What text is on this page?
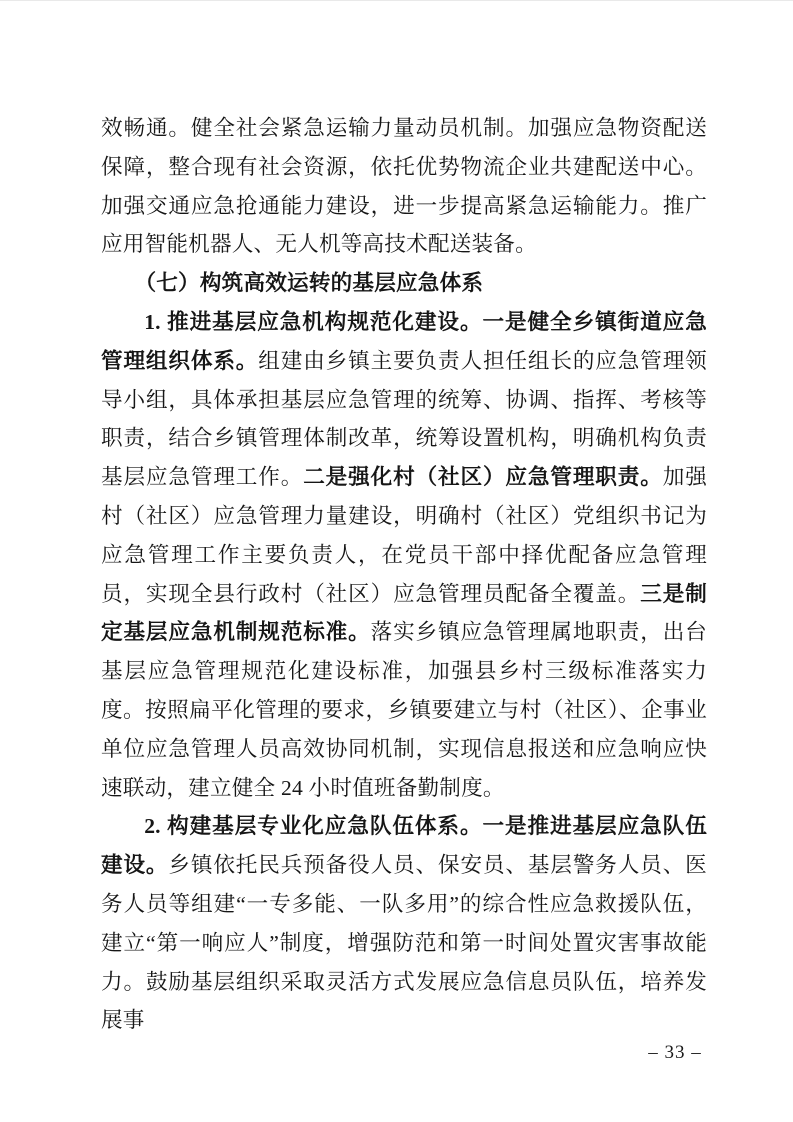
效畅通。健全社会紧急运输力量动员机制。加强应急物资配送保障，整合现有社会资源，依托优势物流企业共建配送中心。加强交通应急抢通能力建设，进一步提高紧急运输能力。推广应用智能机器人、无人机等高技术配送装备。

（七）构筑高效运转的基层应急体系

1. 推进基层应急机构规范化建设。一是健全乡镇街道应急管理组织体系。组建由乡镇主要负责人担任组长的应急管理领导小组，具体承担基层应急管理的统筹、协调、指挥、考核等职责，结合乡镇管理体制改革，统筹设置机构，明确机构负责基层应急管理工作。二是强化村（社区）应急管理职责。加强村（社区）应急管理力量建设，明确村（社区）党组织书记为应急管理工作主要负责人，在党员干部中择优配备应急管理员，实现全县行政村（社区）应急管理员配备全覆盖。三是制定基层应急机制规范标准。落实乡镇应急管理属地职责，出台基层应急管理规范化建设标准，加强县乡村三级标准落实力度。按照扁平化管理的要求，乡镇要建立与村（社区）、企事业单位应急管理人员高效协同机制，实现信息报送和应急响应快速联动，建立健全 24 小时值班备勤制度。

2. 构建基层专业化应急队伍体系。一是推进基层应急队伍建设。乡镇依托民兵预备役人员、保安员、基层警务人员、医务人员等组建“一专多能、一队多用”的综合性应急救援队伍，建立“第一响应人”制度，增强防范和第一时间处置灾害事故能力。鼓励基层组织采取灵活方式发展应急信息员队伍，培养发展事

– 33 –
